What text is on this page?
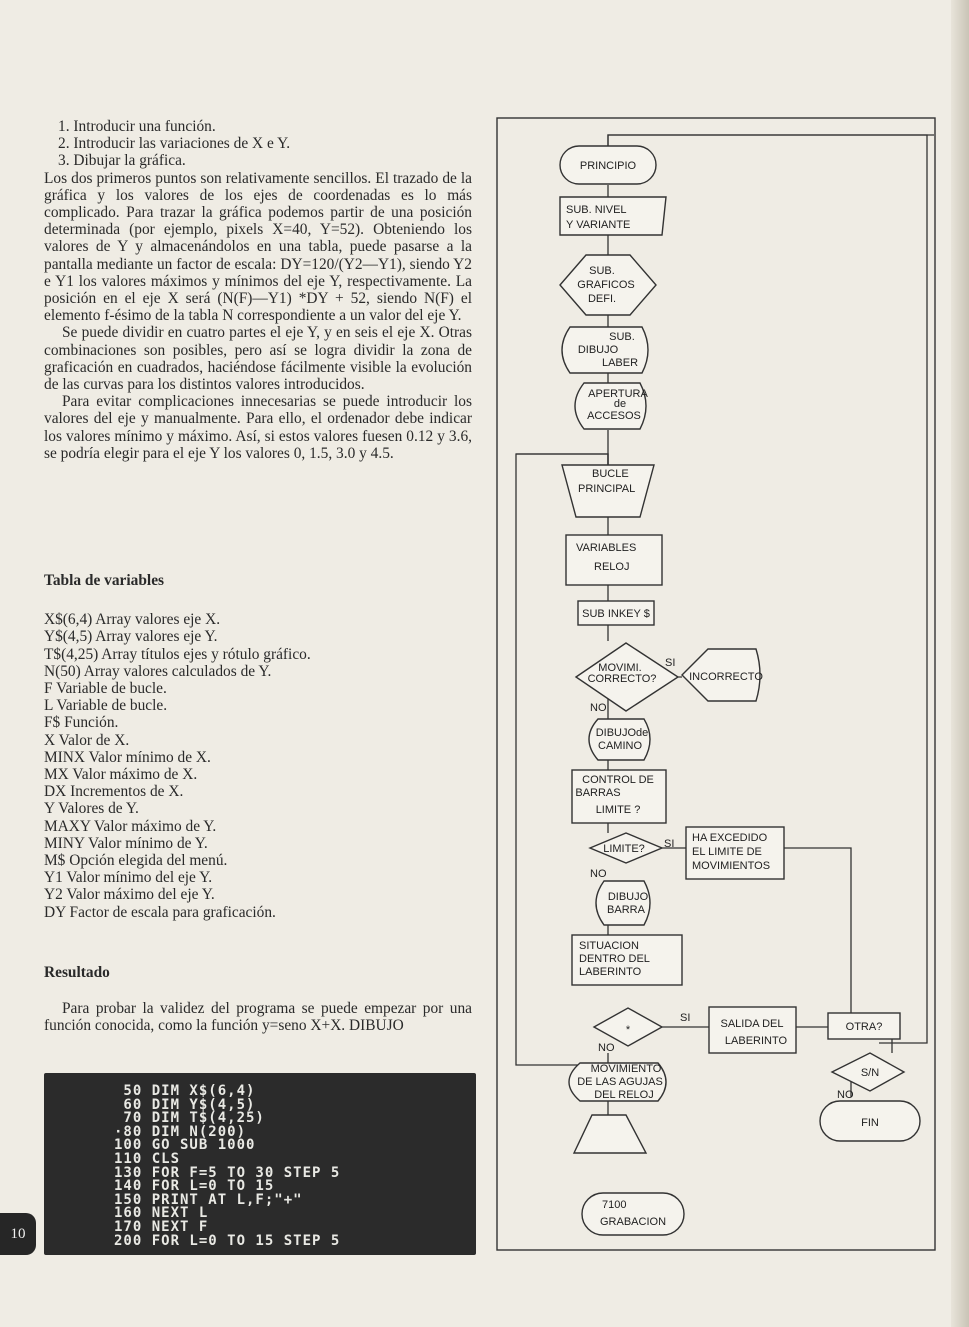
1. Introducir una función.
2. Introducir las variaciones de X e Y.
3. Dibujar la gráfica.

Los dos primeros puntos son relativamente sencillos. El trazado de la gráfica y los valores de los ejes de coordenadas es lo más complicado. Para trazar la gráfica podemos partir de una posición determinada (por ejemplo, pixels X=40, Y=52). Obteniendo los valores de Y y almacenándolos en una tabla, puede pasarse a la pantalla mediante un factor de escala: DY=120/(Y2—Y1), siendo Y2 e Y1 los valores máximos y mínimos del eje Y, respectivamente. La posición en el eje X será (N(F)—Y1) *DY + 52, siendo N(F) el elemento f-ésimo de la tabla N correspondiente a un valor del eje Y.

Se puede dividir en cuatro partes el eje Y, y en seis el eje X. Otras combinaciones son posibles, pero así se logra dividir la zona de graficación en cuadrados, haciéndose fácilmente visible la evolución de las curvas para los distintos valores introducidos.

Para evitar complicaciones innecesarias se puede introducir los valores del eje y manualmente. Para ello, el ordenador debe indicar los valores mínimo y máximo. Así, si estos valores fuesen 0.12 y 3.6, se podría elegir para el eje Y los valores 0, 1.5, 3.0 y 4.5.

Tabla de variables
X$(6,4) Array valores eje X.
Y$(4,5) Array valores eje Y.
T$(4,25) Array títulos ejes y rótulo gráfico.
N(50) Array valores calculados de Y.
F Variable de bucle.
L Variable de bucle.
F$ Función.
X Valor de X.
MINX Valor mínimo de X.
MX Valor máximo de X.
DX Incrementos de X.
Y Valores de Y.
MAXY Valor máximo de Y.
MINY Valor mínimo de Y.
M$ Opción elegida del menú.
Y1 Valor mínimo del eje Y.
Y2 Valor máximo del eje Y.
DY Factor de escala para graficación.
Resultado

Para probar la validez del programa se puede empezar por una función conocida, como la función y=seno X+X. DIBUJO

50 DIM X$(6,4)
60 DIM Y$(4,5)
70 DIM T$(4,25)
·80 DIM N(200)
100 GO SUB 1000
110 CLS
130 FOR F=5 TO 30 STEP 5
140 FOR L=0 TO 15
150 PRINT AT L,F;"+"
160 NEXT L
170 NEXT F
200 FOR L=0 TO 15 STEP 5
10
PRINCIPIO
SUB. NIVEL
Y VARIANTE
SUB.
GRAFICOS
DEFI.
SUB.
DIBUJO
LABER
APERTURA
de
ACCESOS
BUCLE
PRINCIPAL
VARIABLES
RELOJ
SUB INKEY $
MOVIMI.
CORRECTO?
SI
NO
INCORRECTO
DIBUJOde
CAMINO
CONTROL DE
BARRAS
LIMITE ?
LIMITE? SI
NO
HA EXCEDIDO
EL LIMITE DE
MOVIMIENTOS
DIBUJO
BARRA
SITUACION
DENTRO DEL
LABERINTO
*
SI
NO
SALIDA DEL
LABERINTO
OTRA?
S/N
NO
FIN
MOVIMIENTO
DE LAS AGUJAS
DEL RELOJ
7100
GRABACION
